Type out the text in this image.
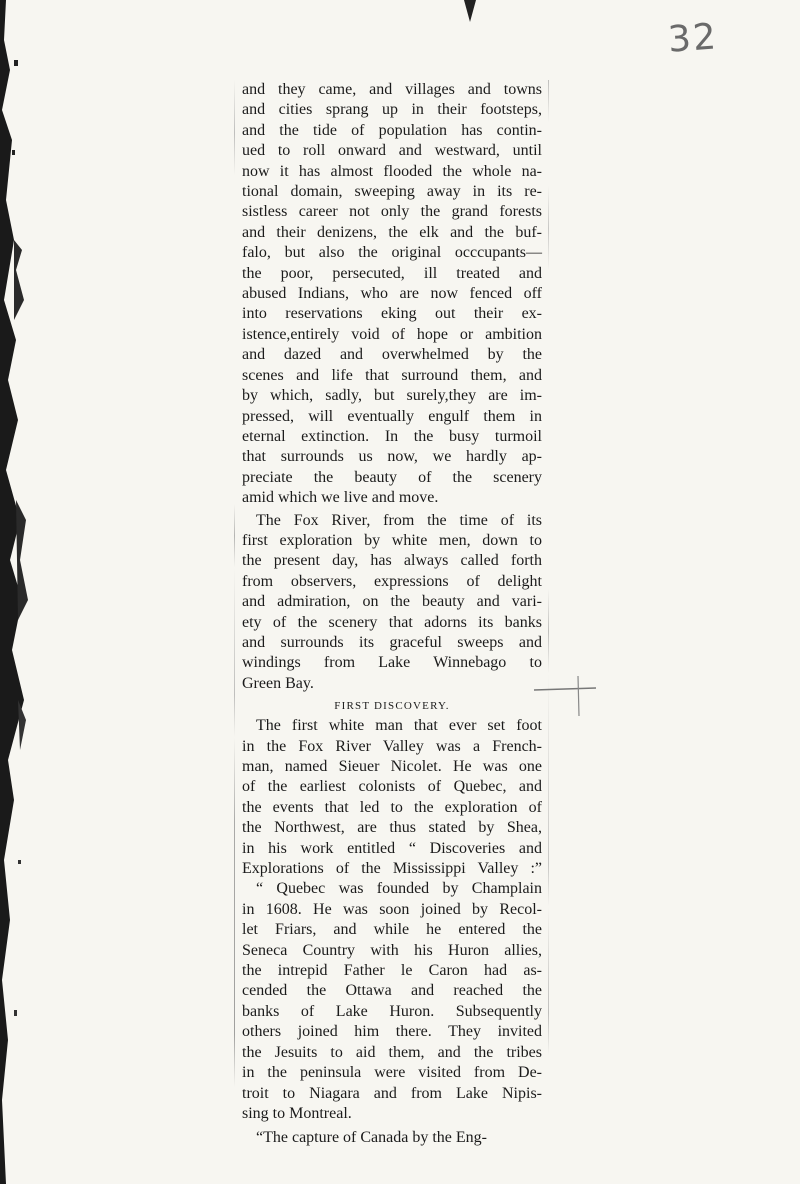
32
and they came, and villages and towns
and cities sprang up in their footsteps,
and the tide of population has contin-
ued to roll onward and westward, until
now it has almost flooded the whole na-
tional domain, sweeping away in its re-
sistless career not only the grand forests
and their denizens, the elk and the buf-
falo, but also the original occcupants—
the poor, persecuted, ill treated and
abused Indians, who are now fenced off
into reservations eking out their ex-
istence,entirely void of hope or ambition
and dazed and overwhelmed by the
scenes and life that surround them, and
by which, sadly, but surely,they are im-
pressed, will eventually engulf them in
eternal extinction. In the busy turmoil
that surrounds us now, we hardly ap-
preciate the beauty of the scenery
amid which we live and move.
The Fox River, from the time of its
first exploration by white men, down to
the present day, has always called forth
from observers, expressions of delight
and admiration, on the beauty and vari-
ety of the scenery that adorns its banks
and surrounds its graceful sweeps and
windings from Lake Winnebago to
Green Bay.
FIRST DISCOVERY.
The first white man that ever set foot
in the Fox River Valley was a French-
man, named Sieuer Nicolet. He was one
of the earliest colonists of Quebec, and
the events that led to the exploration of
the Northwest, are thus stated by Shea,
in his work entitled “ Discoveries and
Explorations of the Mississippi Valley :”
“ Quebec was founded by Champlain
in 1608. He was soon joined by Recol-
let Friars, and while he entered the
Seneca Country with his Huron allies,
the intrepid Father le Caron had as-
cended the Ottawa and reached the
banks of Lake Huron. Subsequently
others joined him there. They invited
the Jesuits to aid them, and the tribes
in the peninsula were visited from De-
troit to Niagara and from Lake Nipis-
sing to Montreal.
“The capture of Canada by the Eng-
